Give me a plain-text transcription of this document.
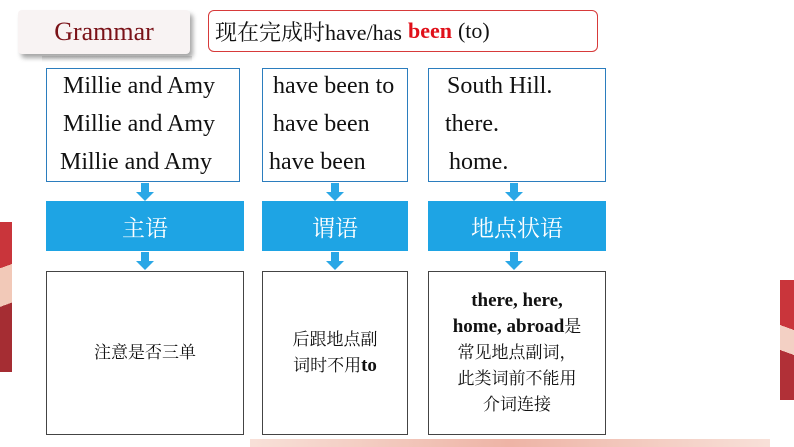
Grammar	现在完成时have/has been (to)
Millie and Amy
Millie and Amy
Millie and Amy
主语
注意是否三单
have been to
have been
have been
谓语
后跟地点副
词时不用to
South Hill.
there.
home.
地点状语
there, here,
home, abroad是
常见地点副词，
此类词前不能用
介词连接
